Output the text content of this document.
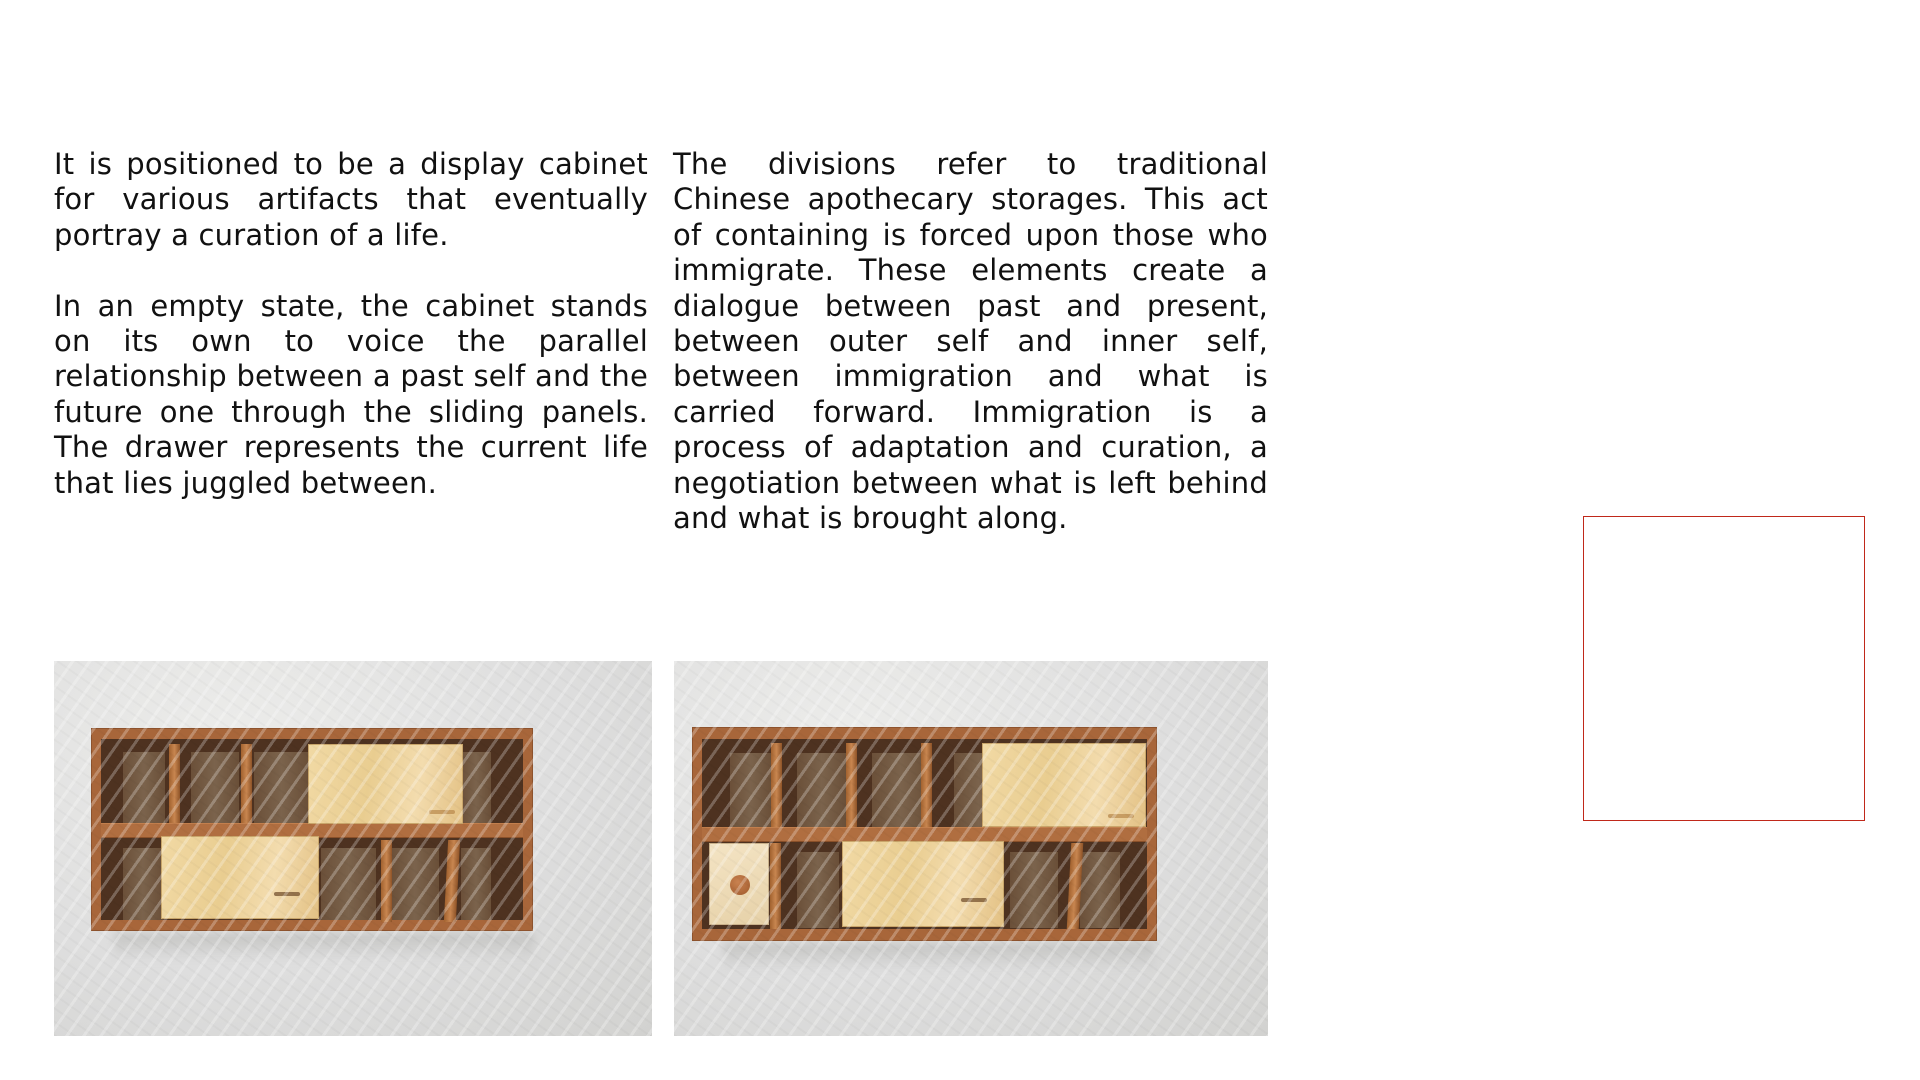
It is positioned to be a display cabinet for various artifacts that eventually portray a curation of a life.

In an empty state, the cabinet stands on its own to voice the parallel relationship between a past self and the future one through the sliding panels. The drawer represents the current life that lies juggled between.

The divisions refer to traditional Chinese apothecary storages. This act of containing is forced upon those who immigrate. These elements create a dialogue between past and present, between outer self and inner self, between immigration and what is carried forward. Immigration is a process of adaptation and curation, a negotiation between what is left behind and what is brought along.
